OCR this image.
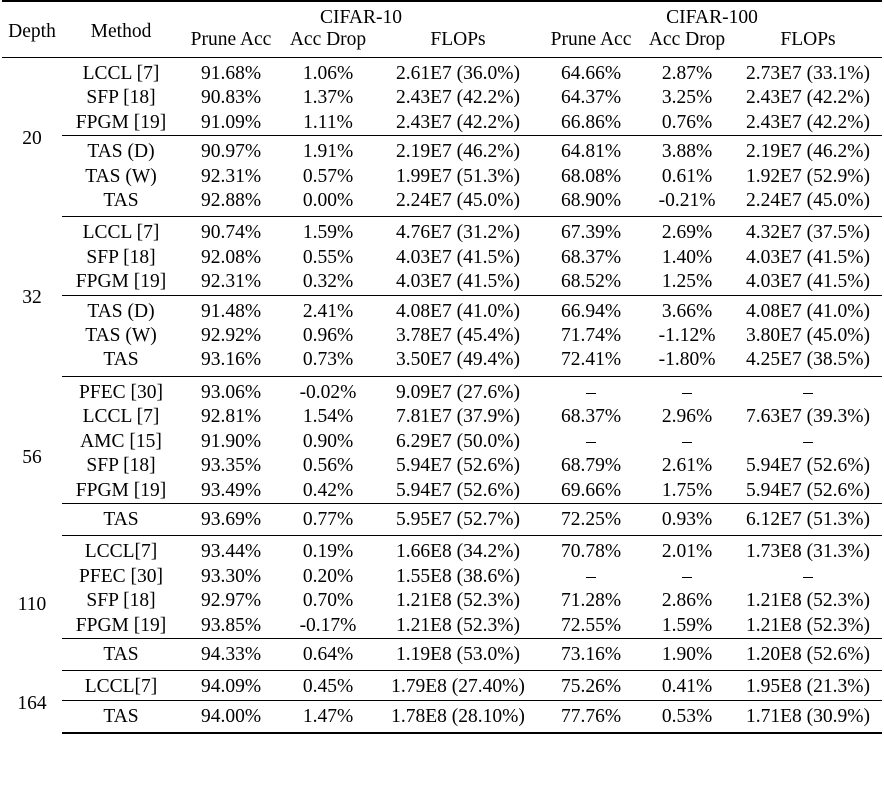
Depth	Method	CIFAR-10			CIFAR-100		
		Prune Acc	Acc Drop	FLOPs	Prune Acc	Acc Drop	FLOPs
20	LCCL [7]	91.68%	1.06%	2.61E7 (36.0%)	64.66%	2.87%	2.73E7 (33.1%)
	SFP [18]	90.83%	1.37%	2.43E7 (42.2%)	64.37%	3.25%	2.43E7 (42.2%)
	FPGM [19]	91.09%	1.11%	2.43E7 (42.2%)	66.86%	0.76%	2.43E7 (42.2%)
	TAS (D)	90.97%	1.91%	2.19E7 (46.2%)	64.81%	3.88%	2.19E7 (46.2%)
	TAS (W)	92.31%	0.57%	1.99E7 (51.3%)	68.08%	0.61%	1.92E7 (52.9%)
	TAS	92.88%	0.00%	2.24E7 (45.0%)	68.90%	-0.21%	2.24E7 (45.0%)
32	LCCL [7]	90.74%	1.59%	4.76E7 (31.2%)	67.39%	2.69%	4.32E7 (37.5%)
	SFP [18]	92.08%	0.55%	4.03E7 (41.5%)	68.37%	1.40%	4.03E7 (41.5%)
	FPGM [19]	92.31%	0.32%	4.03E7 (41.5%)	68.52%	1.25%	4.03E7 (41.5%)
	TAS (D)	91.48%	2.41%	4.08E7 (41.0%)	66.94%	3.66%	4.08E7 (41.0%)
	TAS (W)	92.92%	0.96%	3.78E7 (45.4%)	71.74%	-1.12%	3.80E7 (45.0%)
	TAS	93.16%	0.73%	3.50E7 (49.4%)	72.41%	-1.80%	4.25E7 (38.5%)
56	PFEC [30]	93.06%	-0.02%	9.09E7 (27.6%)	–	–	–
	LCCL [7]	92.81%	1.54%	7.81E7 (37.9%)	68.37%	2.96%	7.63E7 (39.3%)
	AMC [15]	91.90%	0.90%	6.29E7 (50.0%)	–	–	–
	SFP [18]	93.35%	0.56%	5.94E7 (52.6%)	68.79%	2.61%	5.94E7 (52.6%)
	FPGM [19]	93.49%	0.42%	5.94E7 (52.6%)	69.66%	1.75%	5.94E7 (52.6%)
	TAS	93.69%	0.77%	5.95E7 (52.7%)	72.25%	0.93%	6.12E7 (51.3%)
110	LCCL[7]	93.44%	0.19%	1.66E8 (34.2%)	70.78%	2.01%	1.73E8 (31.3%)
	PFEC [30]	93.30%	0.20%	1.55E8 (38.6%)	–	–	–
	SFP [18]	92.97%	0.70%	1.21E8 (52.3%)	71.28%	2.86%	1.21E8 (52.3%)
	FPGM [19]	93.85%	-0.17%	1.21E8 (52.3%)	72.55%	1.59%	1.21E8 (52.3%)
	TAS	94.33%	0.64%	1.19E8 (53.0%)	73.16%	1.90%	1.20E8 (52.6%)
164	LCCL[7]	94.09%	0.45%	1.79E8 (27.40%)	75.26%	0.41%	1.95E8 (21.3%)
	TAS	94.00%	1.47%	1.78E8 (28.10%)	77.76%	0.53%	1.71E8 (30.9%)
